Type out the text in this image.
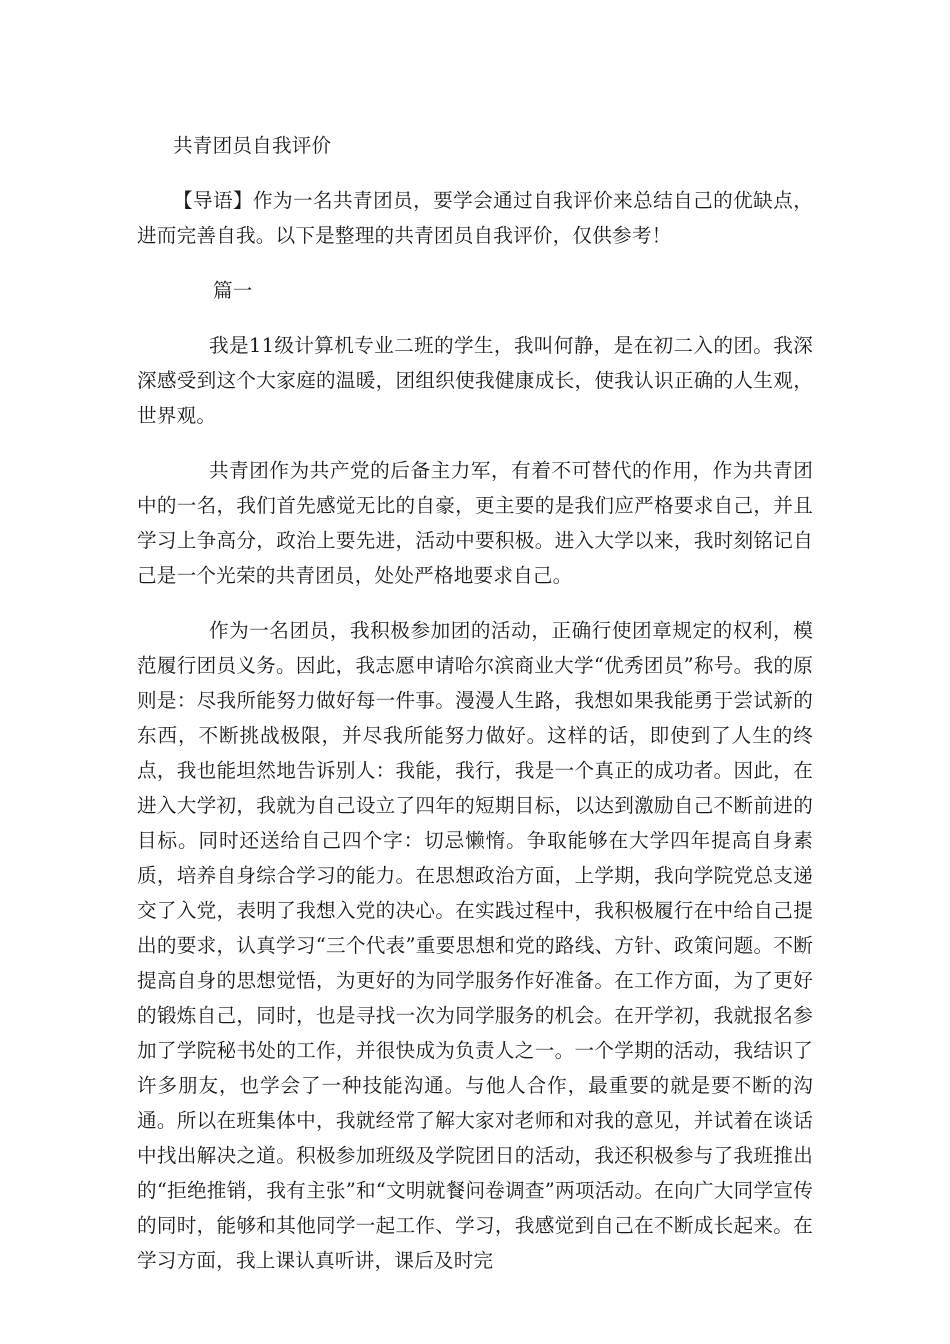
共青团员自我评价

【导语】作为一名共青团员，要学会通过自我评价来总结自己的优缺点，进而完善自我。以下是整理的共青团员自我评价，仅供参考！

篇一

我是11级计算机专业二班的学生，我叫何静，是在初二入的团。我深深感受到这个大家庭的温暖，团组织使我健康成长，使我认识正确的人生观，世界观。

共青团作为共产党的后备主力军，有着不可替代的作用，作为共青团中的一名，我们首先感觉无比的自豪，更主要的是我们应严格要求自己，并且学习上争高分，政治上要先进，活动中要积极。进入大学以来，我时刻铭记自己是一个光荣的共青团员，处处严格地要求自己。

作为一名团员，我积极参加团的活动，正确行使团章规定的权利，模范履行团员义务。因此，我志愿申请哈尔滨商业大学“优秀团员”称号。我的原则是：尽我所能努力做好每一件事。漫漫人生路，我想如果我能勇于尝试新的东西，不断挑战极限，并尽我所能努力做好。这样的话，即使到了人生的终点，我也能坦然地告诉别人：我能，我行，我是一个真正的成功者。因此，在进入大学初，我就为自己设立了四年的短期目标，以达到激励自己不断前进的目标。同时还送给自己四个字：切忌懒惰。争取能够在大学四年提高自身素质，培养自身综合学习的能力。在思想政治方面，上学期，我向学院党总支递交了入党，表明了我想入党的决心。在实践过程中，我积极履行在中给自己提出的要求，认真学习“三个代表”重要思想和党的路线、方针、政策问题。不断提高自身的思想觉悟，为更好的为同学服务作好准备。在工作方面，为了更好的锻炼自己，同时，也是寻找一次为同学服务的机会。在开学初，我就报名参加了学院秘书处的工作，并很快成为负责人之一。一个学期的活动，我结识了许多朋友，也学会了一种技能沟通。与他人合作，最重要的就是要不断的沟通。所以在班集体中，我就经常了解大家对老师和对我的意见，并试着在谈话中找出解决之道。积极参加班级及学院团日的活动，我还积极参与了我班推出的“拒绝推销，我有主张”和“文明就餐问卷调查”两项活动。在向广大同学宣传的同时，能够和其他同学一起工作、学习，我感觉到自己在不断成长起来。在学习方面，我上课认真听讲，课后及时完
